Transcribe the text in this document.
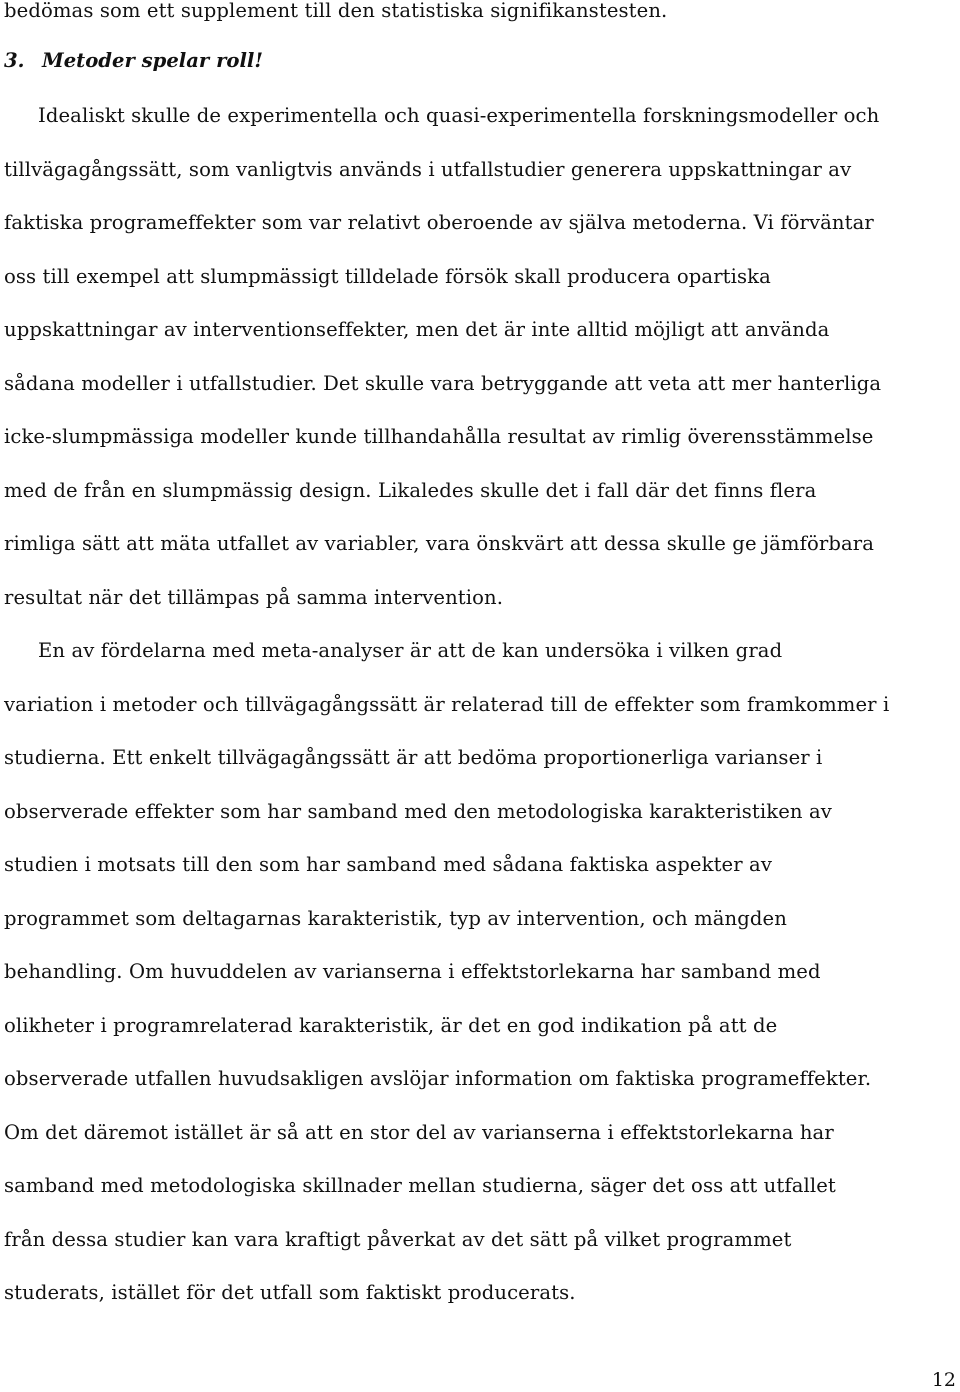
bedömas som ett supplement till den statistiska signifikanstesten.
3. Metoder spelar roll!
Idealiskt skulle de experimentella och quasi-experimentella forskningsmodeller och
tillvägagångssätt, som vanligtvis används i utfallstudier generera uppskattningar av
faktiska programeffekter som var relativt oberoende av själva metoderna. Vi förväntar
oss till exempel att slumpmässigt tilldelade försök skall producera opartiska
uppskattningar av interventionseffekter, men det är inte alltid möjligt att använda
sådana modeller i utfallstudier. Det skulle vara betryggande att veta att mer hanterliga
icke-slumpmässiga modeller kunde tillhandahålla resultat av rimlig överensstämmelse
med de från en slumpmässig design. Likaledes skulle det i fall där det finns flera
rimliga sätt att mäta utfallet av variabler, vara önskvärt att dessa skulle ge jämförbara
resultat när det tillämpas på samma intervention.
En av fördelarna med meta-analyser är att de kan undersöka i vilken grad
variation i metoder och tillvägagångssätt är relaterad till de effekter som framkommer i
studierna. Ett enkelt tillvägagångssätt är att bedöma proportionerliga varianser i
observerade effekter som har samband med den metodologiska karakteristiken av
studien i motsats till den som har samband med sådana faktiska aspekter av
programmet som deltagarnas karakteristik, typ av intervention, och mängden
behandling. Om huvuddelen av varianserna i effektstorlekarna har samband med
olikheter i programrelaterad karakteristik, är det en god indikation på att de
observerade utfallen huvudsakligen avslöjar information om faktiska programeffekter.
Om det däremot istället är så att en stor del av varianserna i effektstorlekarna har
samband med metodologiska skillnader mellan studierna, säger det oss att utfallet
från dessa studier kan vara kraftigt påverkat av det sätt på vilket programmet
studerats, istället för det utfall som faktiskt producerats.
12
